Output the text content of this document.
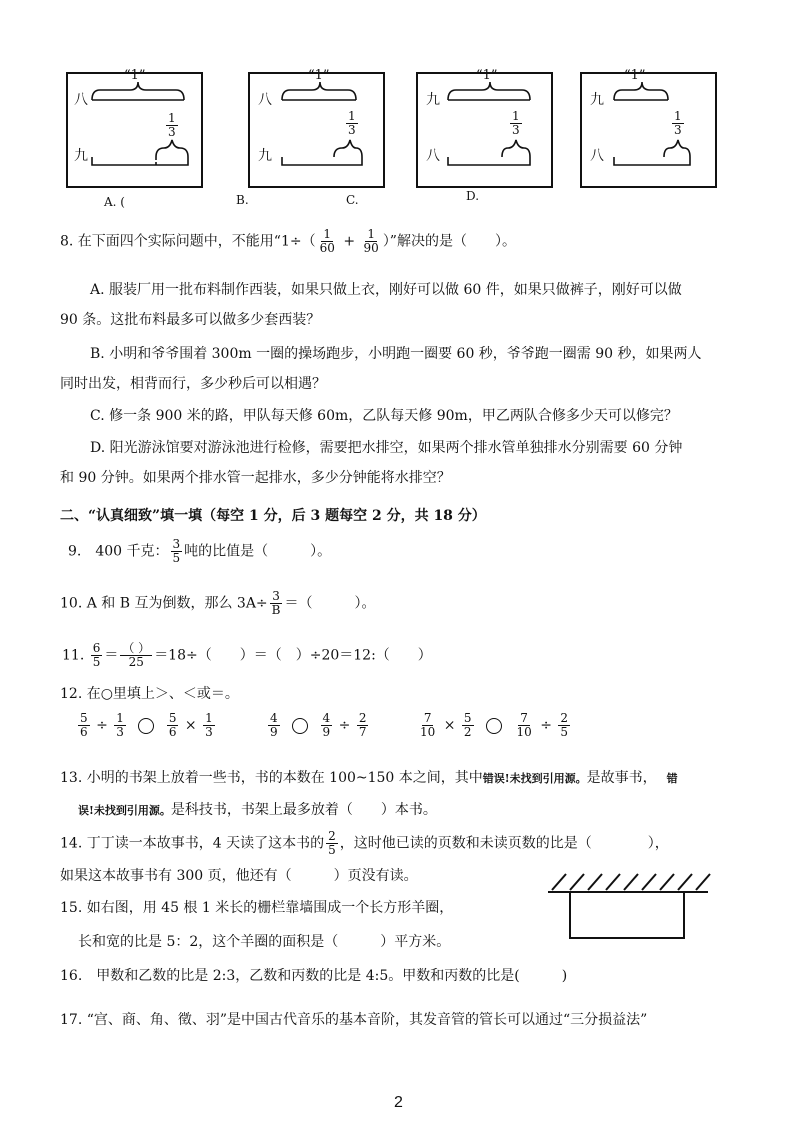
“1”
八
九
$\frac{1}{3}$
A. (
“1”
八
九
$\frac{1}{3}$
B.
“1”
九
八
$\frac{1}{3}$
C.
“1”
九
八
$\frac{1}{3}$
D.
8. 在下面四个实际问题中，不能用“$1\div( \frac{1}{60} + \frac{1}{90}$ ）”解决的是（　　）。
A. 服装厂用一批布料制作西装，如果只做上衣，刚好可以做 60 件，如果只做裤子，刚好可以做
90 条。这批布料最多可以做多少套西装？
B. 小明和爷爷围着 300m 一圈的操场跑步，小明跑一圈要 60 秒，爷爷跑一圈需 90 秒，如果两人
同时出发，相背而行，多少秒后可以相遇？
C. 修一条 900 米的路，甲队每天修 60m，乙队每天修 90m，甲乙两队合修多少天可以修完？
D. 阳光游泳馆要对游泳池进行检修，需要把水排空，如果两个排水管单独排水分别需要 60 分钟
和 90 分钟。如果两个排水管一起排水，多少分钟能将水排空？
二、“认真细致”填一填（每空 1 分，后 3 题每空 2 分，共 18 分）
9.　400 千克： $\frac{3}{5}$ 吨的比值是（　　　）。
10. A 和 B 互为倒数，那么 $3A\div \frac{3}{B}$ ＝（　　　）。
11. $\frac{6}{5} = \frac{( )}{25} =18\div$（　　）＝（　）÷20＝12:（　　）
12. 在○里填上＞、＜或＝。
$\frac{5}{6} \div \frac{1}{3}$
	$\frac{5}{6} \times \frac{1}{3}$	$\frac{4}{9}$
	$\frac{4}{9} \div \frac{2}{7}$	$\frac{7}{10} \times \frac{5}{2}$
	$\frac{7}{10} \div \frac{2}{5}$
13. 小明的书架上放着一些书，书的本数在 100~150 本之间，其中错误!未找到引用源。是故事书， 错
误!未找到引用源。是科技书，书架上最多放着（　　）本书。
14. 丁丁读一本故事书，4 天读了这本书的 $\frac{2}{5}$ ，这时他已读的页数和未读页数的比是（　　　　），
如果这本故事书有 300 页，他还有（　　　）页没有读。
15. 如右图，用 45 根 1 米长的栅栏靠墙围成一个长方形羊圈，
长和宽的比是 5：2，这个羊圈的面积是（　　　）平方米。
16.　甲数和乙数的比是 2:3，乙数和丙数的比是 4:5。甲数和丙数的比是(　　　)
17. “宫、商、角、徵、羽”是中国古代音乐的基本音阶，其发音管的管长可以通过“三分损益法”
2
